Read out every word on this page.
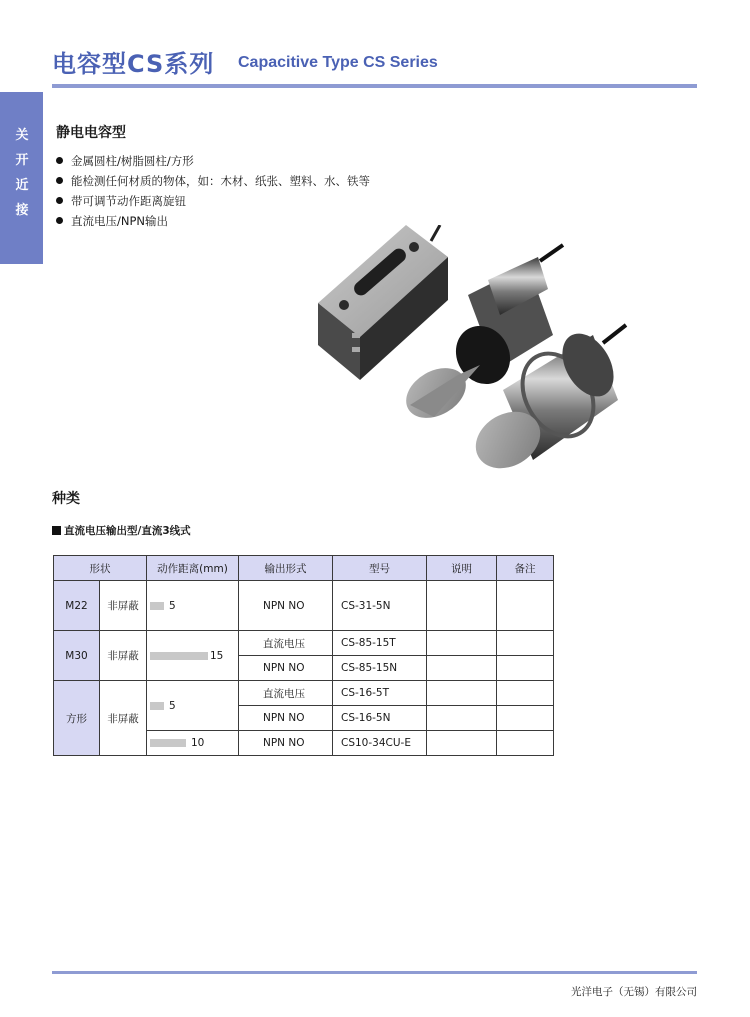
电容型CS系列 Capacitive Type CS Series
关
开
近
接
静电电容型
金属圆柱/树脂圆柱/方形
能检测任何材质的物体，如：木材、纸张、塑料、水、铁等
带可调节动作距离旋钮
直流电压/NPN输出
种类
直流电压输出型/直流3线式
形状		动作距离(mm)	输出形式	型号	说明	备注
M22	非屏蔽	5	NPN NO	CS-31-5N		
M30	非屏蔽	15	直流电压	CS-85-15T		
			NPN NO	CS-85-15N		
方形	非屏蔽	5	直流电压	CS-16-5T		
			NPN NO	CS-16-5N		
		10	NPN NO	CS10-34CU-E		
光洋电子（无锡）有限公司
